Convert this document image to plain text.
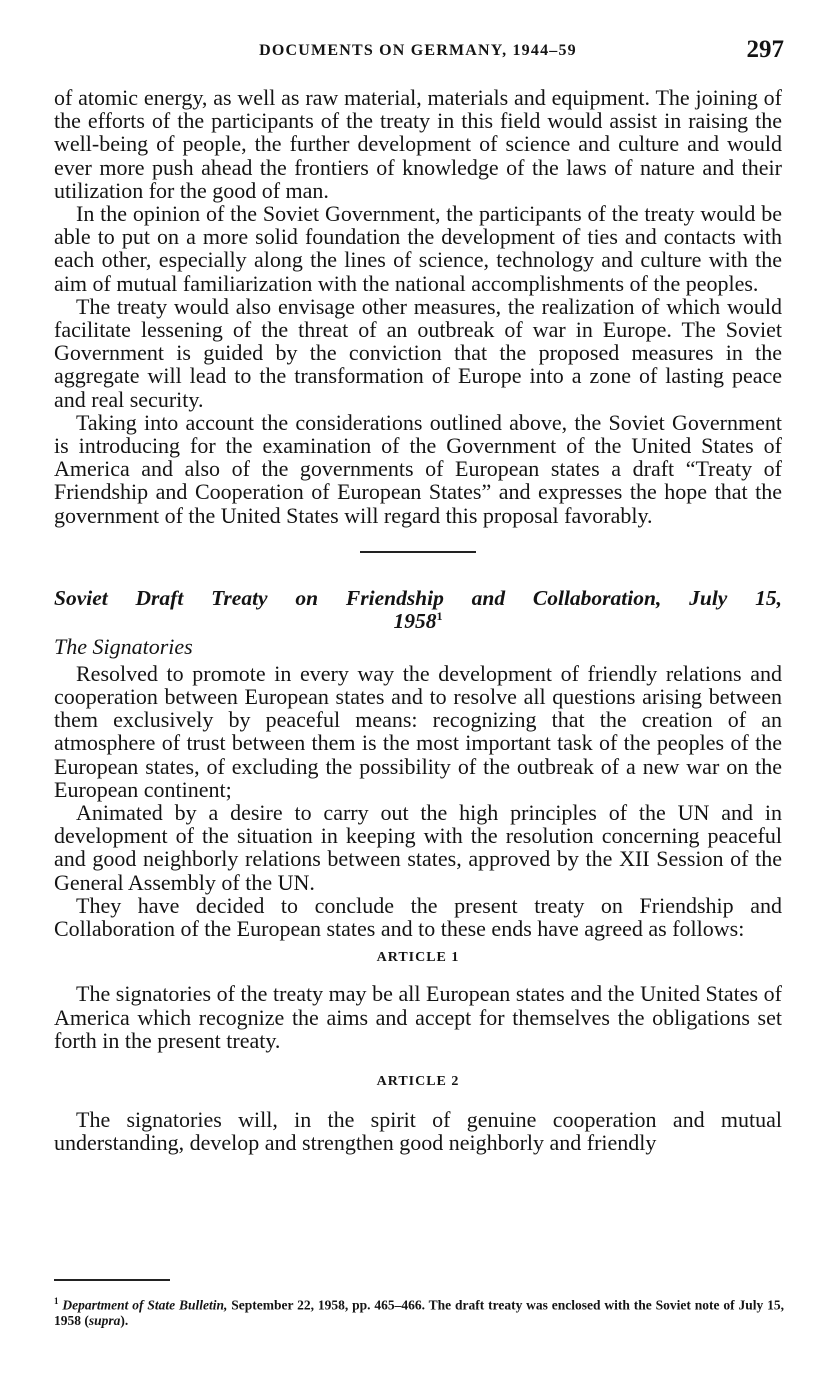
DOCUMENTS ON GERMANY, 1944–59	297

of atomic energy, as well as raw material, materials and equipment. The joining of the efforts of the participants of the treaty in this field would assist in raising the well-being of people, the further development of science and culture and would ever more push ahead the frontiers of knowledge of the laws of nature and their utilization for the good of man.

In the opinion of the Soviet Government, the participants of the treaty would be able to put on a more solid foundation the development of ties and contacts with each other, especially along the lines of science, technology and culture with the aim of mutual familiarization with the national accomplishments of the peoples.

The treaty would also envisage other measures, the realization of which would facilitate lessening of the threat of an outbreak of war in Europe. The Soviet Government is guided by the conviction that the proposed measures in the aggregate will lead to the transformation of Europe into a zone of lasting peace and real security.

Taking into account the considerations outlined above, the Soviet Government is introducing for the examination of the Government of the United States of America and also of the governments of European states a draft “Treaty of Friendship and Cooperation of European States” and expresses the hope that the government of the United States will regard this proposal favorably.

Soviet Draft Treaty on Friendship and Collaboration, July 15,
1958$^1$
The Signatories

Resolved to promote in every way the development of friendly relations and cooperation between European states and to resolve all questions arising between them exclusively by peaceful means: recognizing that the creation of an atmosphere of trust between them is the most important task of the peoples of the European states, of excluding the possibility of the outbreak of a new war on the European continent;

Animated by a desire to carry out the high principles of the UN and in development of the situation in keeping with the resolution concerning peaceful and good neighborly relations between states, approved by the XII Session of the General Assembly of the UN.

They have decided to conclude the present treaty on Friendship and Collaboration of the European states and to these ends have agreed as follows:

ARTICLE 1

The signatories of the treaty may be all European states and the United States of America which recognize the aims and accept for themselves the obligations set forth in the present treaty.

ARTICLE 2

The signatories will, in the spirit of genuine cooperation and mutual understanding, develop and strengthen good neighborly and friendly

$^1$ Department of State Bulletin, September 22, 1958, pp. 465–466. The draft treaty was enclosed with the Soviet note of July 15, 1958 (supra).
